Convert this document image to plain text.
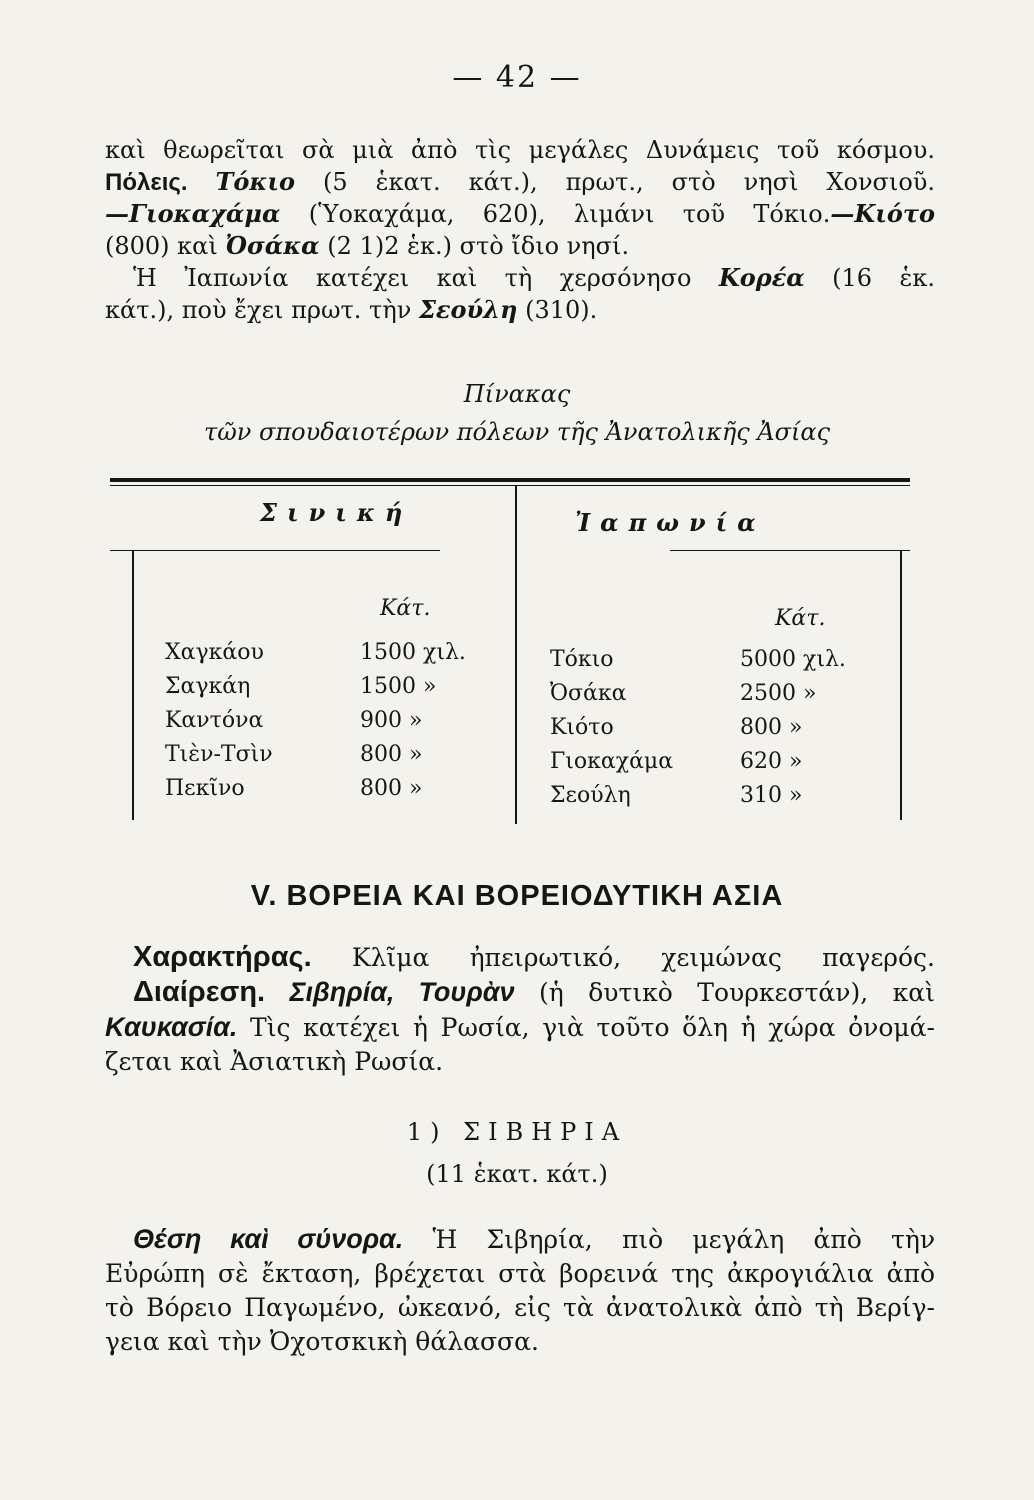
— 42 —
καὶ θεωρεῖται σὰ μιὰ ἀπὸ τὶς μεγάλες Δυνάμεις τοῦ κόσμου.
Πόλεις. Τόκιο (5 ἑκατ. κάτ.), πρωτ., στὸ νησὶ Χονσιοῦ.
—Γιοκαχάμα (Ὑοκαχάμα, 620), λιμάνι τοῦ Τόκιο.—Κιότο
(800) καὶ Ὀσάκα (2 1)2 ἑκ.) στὸ ἴδιο νησί.
Ἡ Ἰαπωνία κατέχει καὶ τὴ χερσόνησο Κορέα (16 ἑκ.
κάτ.), ποὺ ἔχει πρωτ. τὴν Σεούλη (310).
Πίνακας
τῶν σπουδαιοτέρων πόλεων τῆς Ἀνατολικῆς Ἀσίας
Σινική	Ἰαπωνία
Κάτ.	Κάτ.
Χαγκάου
Σαγκάη
Καντόνα
Τιὲν-Τσὶν
Πεκῖνο
1500 χιλ.
1500 »
900 »
800 »
800 »
Τόκιο
Ὀσάκα
Κιότο
Γιοκαχάμα
Σεούλη
5000 χιλ.
2500 »
800 »
620 »
310 »
V. ΒΟΡΕΙΑ ΚΑΙ ΒΟΡΕΙΟΔΥΤΙΚΗ ΑΣΙΑ
Χαρακτήρας. Κλῖμα ἠπειρωτικό, χειμώνας παγερός.
Διαίρεση. Σιβηρία, Τουρὰν (ἡ δυτικὸ Τουρκεστάν), καὶ
Καυκασία. Τὶς κατέχει ἡ Ρωσία, γιὰ τοῦτο ὅλη ἡ χώρα ὀνομά-
ζεται καὶ Ἀσιατικὴ Ρωσία.
1) ΣΙΒΗΡΙΑ
(11 ἑκατ. κάτ.)
Θέση καὶ σύνορα. Ἡ Σιβηρία, πιὸ μεγάλη ἀπὸ τὴν
Εὐρώπη σὲ ἔκταση, βρέχεται στὰ βορεινά της ἀκρογιάλια ἀπὸ
τὸ Βόρειο Παγωμένο, ὠκεανό, εἰς τὰ ἀνατολικὰ ἀπὸ τὴ Βερίγ-
γεια καὶ τὴν Ὀχοτσκικὴ θάλασσα.
